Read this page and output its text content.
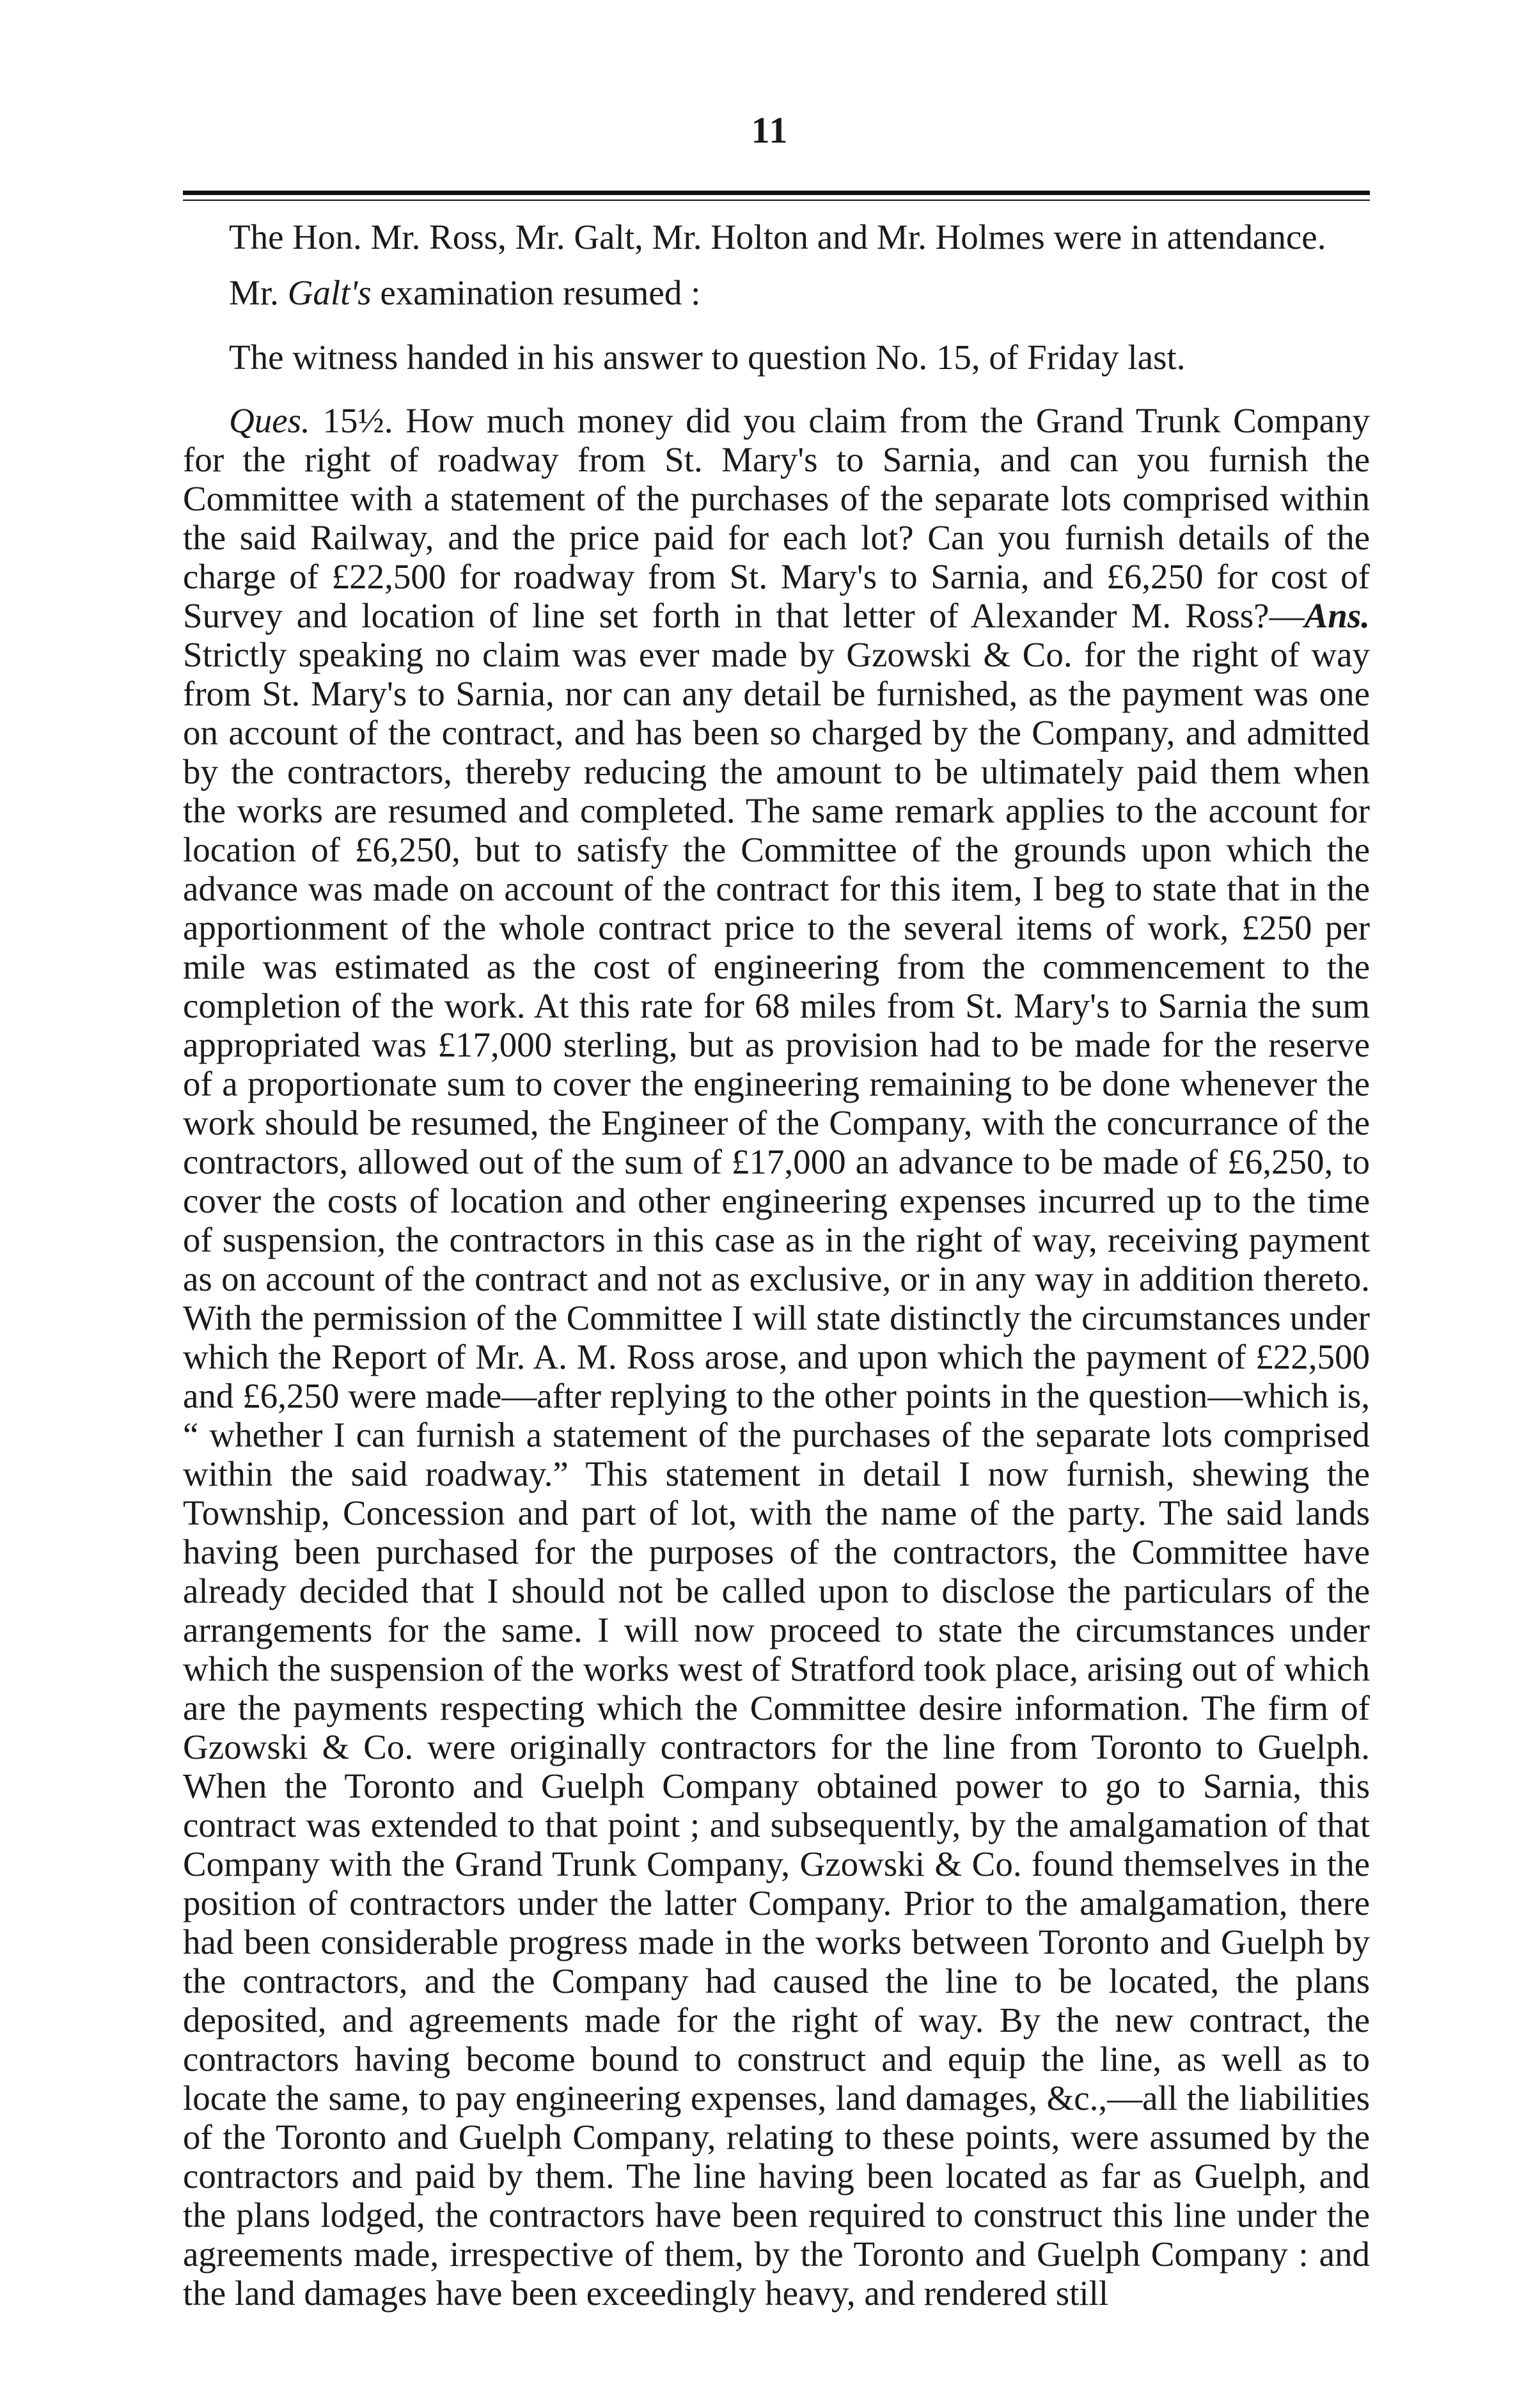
11

The Hon. Mr. Ross, Mr. Galt, Mr. Holton and Mr. Holmes were in attendance.

Mr. Galt's examination resumed :

The witness handed in his answer to question No. 15, of Friday last.

Ques. 15½. How much money did you claim from the Grand Trunk Company for the right of roadway from St. Mary's to Sarnia, and can you furnish the Committee with a statement of the purchases of the separate lots comprised within the said Railway, and the price paid for each lot? Can you furnish details of the charge of £22,500 for roadway from St. Mary's to Sarnia, and £6,250 for cost of Survey and location of line set forth in that letter of Alexander M. Ross?—Ans. Strictly speaking no claim was ever made by Gzowski & Co. for the right of way from St. Mary's to Sarnia, nor can any detail be furnished, as the payment was one on account of the contract, and has been so charged by the Company, and admitted by the contractors, thereby reducing the amount to be ultimately paid them when the works are resumed and completed. The same remark applies to the account for location of £6,250, but to satisfy the Committee of the grounds upon which the advance was made on account of the contract for this item, I beg to state that in the apportionment of the whole contract price to the several items of work, £250 per mile was estimated as the cost of engineering from the commencement to the completion of the work. At this rate for 68 miles from St. Mary's to Sarnia the sum appropriated was £17,000 sterling, but as provision had to be made for the reserve of a proportionate sum to cover the engineering remaining to be done whenever the work should be resumed, the Engineer of the Company, with the concurrance of the contractors, allowed out of the sum of £17,000 an advance to be made of £6,250, to cover the costs of location and other engineering expenses incurred up to the time of suspension, the contractors in this case as in the right of way, receiving payment as on account of the contract and not as exclusive, or in any way in addition thereto. With the permission of the Committee I will state distinctly the circumstances under which the Report of Mr. A. M. Ross arose, and upon which the payment of £22,500 and £6,250 were made—after replying to the other points in the question—which is, “ whether I can furnish a statement of the purchases of the separate lots comprised within the said roadway.” This statement in detail I now furnish, shewing the Township, Concession and part of lot, with the name of the party. The said lands having been purchased for the purposes of the contractors, the Committee have already decided that I should not be called upon to disclose the particulars of the arrangements for the same. I will now proceed to state the circumstances under which the suspension of the works west of Stratford took place, arising out of which are the payments respecting which the Committee desire information. The firm of Gzowski & Co. were originally contractors for the line from Toronto to Guelph. When the Toronto and Guelph Company obtained power to go to Sarnia, this contract was extended to that point ; and subsequently, by the amalgamation of that Company with the Grand Trunk Company, Gzowski & Co. found themselves in the position of contractors under the latter Company. Prior to the amalgamation, there had been considerable progress made in the works between Toronto and Guelph by the contractors, and the Company had caused the line to be located, the plans deposited, and agreements made for the right of way. By the new contract, the contractors having become bound to construct and equip the line, as well as to locate the same, to pay engineering expenses, land damages, &c.,—all the liabilities of the Toronto and Guelph Company, relating to these points, were assumed by the contractors and paid by them. The line having been located as far as Guelph, and the plans lodged, the contractors have been required to construct this line under the agreements made, irrespective of them, by the Toronto and Guelph Company : and the land damages have been exceedingly heavy, and rendered still
